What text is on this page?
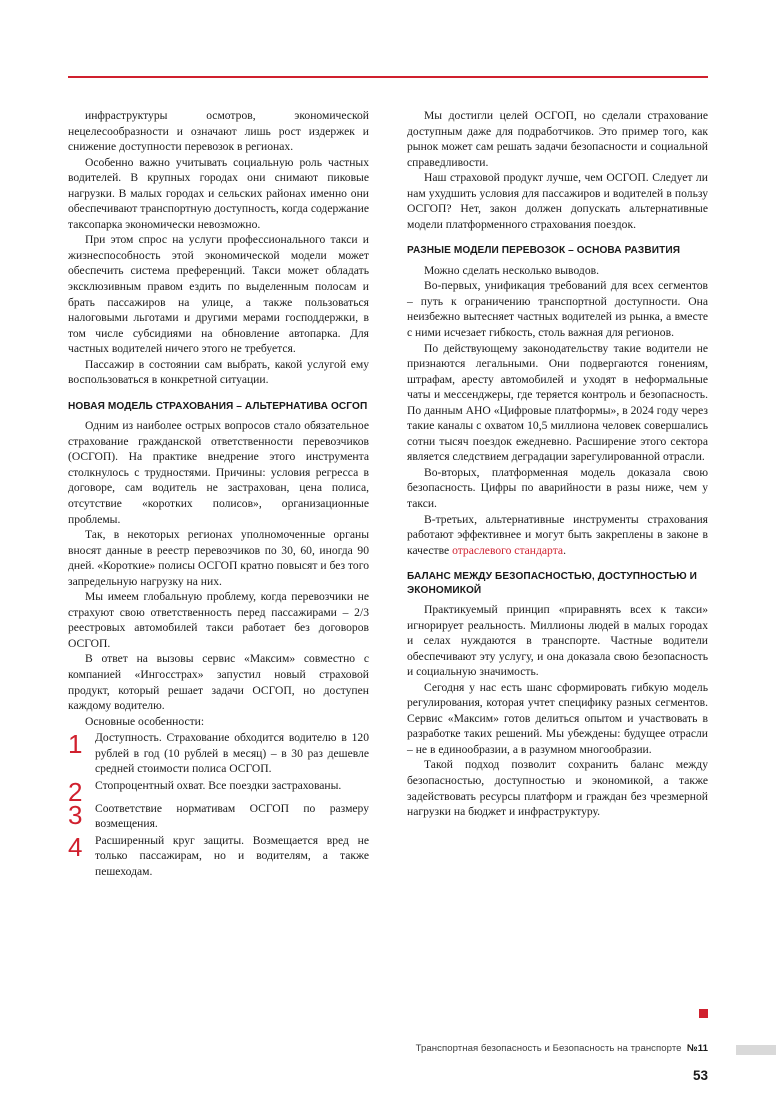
инфраструктуры осмотров, экономической нецелесообразности и означают лишь рост издержек и снижение доступности перевозок в регионах.

Особенно важно учитывать социальную роль частных водителей. В крупных городах они снимают пиковые нагрузки. В малых городах и сельских районах именно они обеспечивают транспортную доступность, когда содержание таксопарка экономически невозможно.

При этом спрос на услуги профессионального такси и жизнеспособность этой экономической модели может обеспечить система преференций. Такси может обладать эксклюзивным правом ездить по выделенным полосам и брать пассажиров на улице, а также пользоваться налоговыми льготами и другими мерами господдержки, в том числе субсидиями на обновление автопарка. Для частных водителей ничего этого не требуется.

Пассажир в состоянии сам выбрать, какой услугой ему воспользоваться в конкретной ситуации.

НОВАЯ МОДЕЛЬ СТРАХОВАНИЯ – АЛЬТЕРНАТИВА ОСГОП

Одним из наиболее острых вопросов стало обязательное страхование гражданской ответственности перевозчиков (ОСГОП). На практике внедрение этого инструмента столкнулось с трудностями. Причины: условия регресса в договоре, сам водитель не застрахован, цена полиса, отсутствие «коротких полисов», организационные проблемы.

Так, в некоторых регионах уполномоченные органы вносят данные в реестр перевозчиков по 30, 60, иногда 90 дней. «Короткие» полисы ОСГОП кратно повысят и без того запредельную нагрузку на них.

Мы имеем глобальную проблему, когда перевозчики не страхуют свою ответственность перед пассажирами – 2/3 реестровых автомобилей такси работает без договоров ОСГОП.

В ответ на вызовы сервис «Максим» совместно с компанией «Ингосстрах» запустил новый страховой продукт, который решает задачи ОСГОП, но доступен каждому водителю.

Основные особенности:

1	Доступность. Страхование обходится водителю в 120 рублей в год (10 рублей в месяц) – в 30 раз дешевле средней стоимости полиса ОСГОП.
2	Стопроцентный охват. Все поездки застрахованы.
3	Соответствие нормативам ОСГОП по размеру возмещения.
4	Расширенный круг защиты. Возмещается вред не только пассажирам, но и водителям, а также пешеходам.

Мы достигли целей ОСГОП, но сделали страхование доступным даже для подработчиков. Это пример того, как рынок может сам решать задачи безопасности и социальной справедливости.

Наш страховой продукт лучше, чем ОСГОП. Следует ли нам ухудшить условия для пассажиров и водителей в пользу ОСГОП? Нет, закон должен допускать альтернативные модели платформенного страхования поездок.

РАЗНЫЕ МОДЕЛИ ПЕРЕВОЗОК – ОСНОВА РАЗВИТИЯ

Можно сделать несколько выводов.

Во-первых, унификация требований для всех сегментов – путь к ограничению транспортной доступности. Она неизбежно вытесняет частных водителей из рынка, а вместе с ними исчезает гибкость, столь важная для регионов.

По действующему законодательству такие водители не признаются легальными. Они подвергаются гонениям, штрафам, аресту автомобилей и уходят в неформальные чаты и мессенджеры, где теряется контроль и безопасность. По данным АНО «Цифровые платформы», в 2024 году через такие каналы с охватом 10,5 миллиона человек совершались сотни тысяч поездок ежедневно. Расширение этого сектора является следствием деградации зарегулированной отрасли.

Во-вторых, платформенная модель доказала свою безопасность. Цифры по аварийности в разы ниже, чем у такси.

В-третьих, альтернативные инструменты страхования работают эффективнее и могут быть закреплены в законе в качестве отраслевого стандарта.

БАЛАНС МЕЖДУ БЕЗОПАСНОСТЬЮ, ДОСТУПНОСТЬЮ И ЭКОНОМИКОЙ

Практикуемый принцип «приравнять всех к такси» игнорирует реальность. Миллионы людей в малых городах и селах нуждаются в транспорте. Частные водители обеспечивают эту услугу, и она доказала свою безопасность и социальную значимость.

Сегодня у нас есть шанс сформировать гибкую модель регулирования, которая учтет специфику разных сегментов. Сервис «Максим» готов делиться опытом и участвовать в разработке таких решений. Мы убеждены: будущее отрасли – не в единообразии, а в разумном многообразии.

Такой подход позволит сохранить баланс между безопасностью, доступностью и экономикой, а также задействовать ресурсы платформ и граждан без чрезмерной нагрузки на бюджет и инфраструктуру.

Транспортная безопасность и Безопасность на транспорте №11
53
